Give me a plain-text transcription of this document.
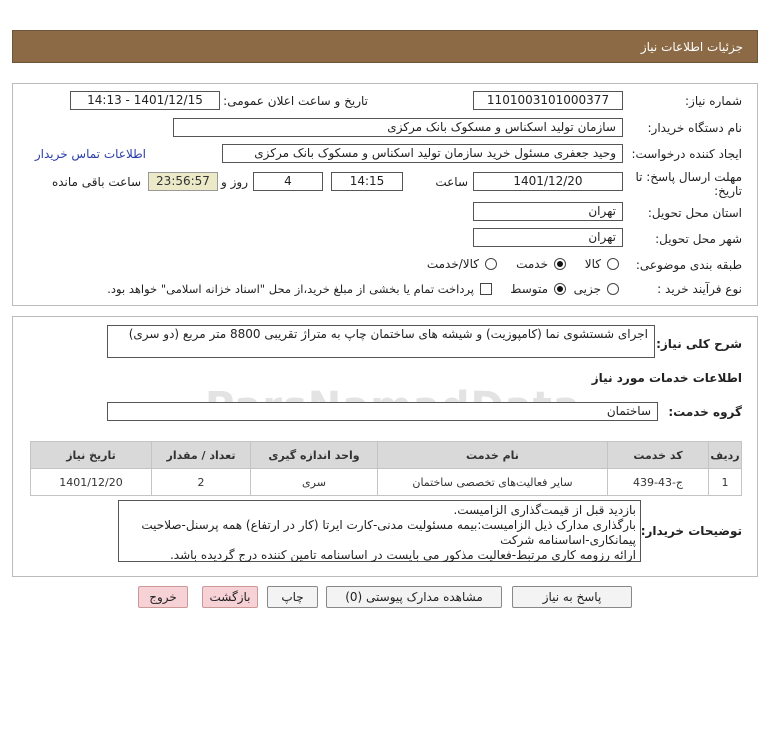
جزئیات اطلاعات نیاز
شماره نیاز:
1101003101000377
تاریخ و ساعت اعلان عمومی:
1401/12/15 - 14:13
نام دستگاه خریدار:
سازمان تولید اسکناس و مسکوک بانک مرکزی
ایجاد کننده درخواست:
وحید جعفری مسئول خرید سازمان تولید اسکناس و مسکوک بانک مرکزی
اطلاعات تماس خریدار
مهلت ارسال پاسخ: تا
تاریخ:
1401/12/20
ساعت
14:15
4
روز و
23:56:57
ساعت باقی مانده
استان محل تحویل:
تهران
شهر محل تحویل:
تهران
طبقه بندی موضوعی:
کالا
خدمت
کالا/خدمت
نوع فرآیند خرید :
جزیی
متوسط
پرداخت تمام یا بخشی از مبلغ خرید،از محل "اسناد خزانه اسلامی" خواهد بود.
شرح کلی نیاز:
اجرای شستشوی نما (کامپوزیت) و شیشه های ساختمان چاپ به متراژ تقریبی 8800 متر مربع (دو سری)
اطلاعات خدمات مورد نیاز
گروه خدمت:
ساختمان
ردیف	کد خدمت	نام خدمت	واحد اندازه گیری	تعداد / مقدار	تاریخ نیاز
1	ج-43-439	سایر فعالیت‌های تخصصی ساختمان	سری	2	1401/12/20
توضیحات خریدار:
بازدید قبل از قیمت‌گذاری الزامیست.
بارگذاری مدارک ذیل الزامیست:بیمه مسئولیت مدنی-کارت ایرتا (کار در ارتفاع) همه پرسنل-صلاحیت پیمانکاری-اساسنامه شرکت
ارائه رزومه کاری مرتبط-فعالیت مذکور می بایست در اساسنامه تامین کننده درج گردیده باشد.
پاسخ به نیاز
مشاهده مدارک پیوستی (0)
چاپ
بازگشت
خروج
